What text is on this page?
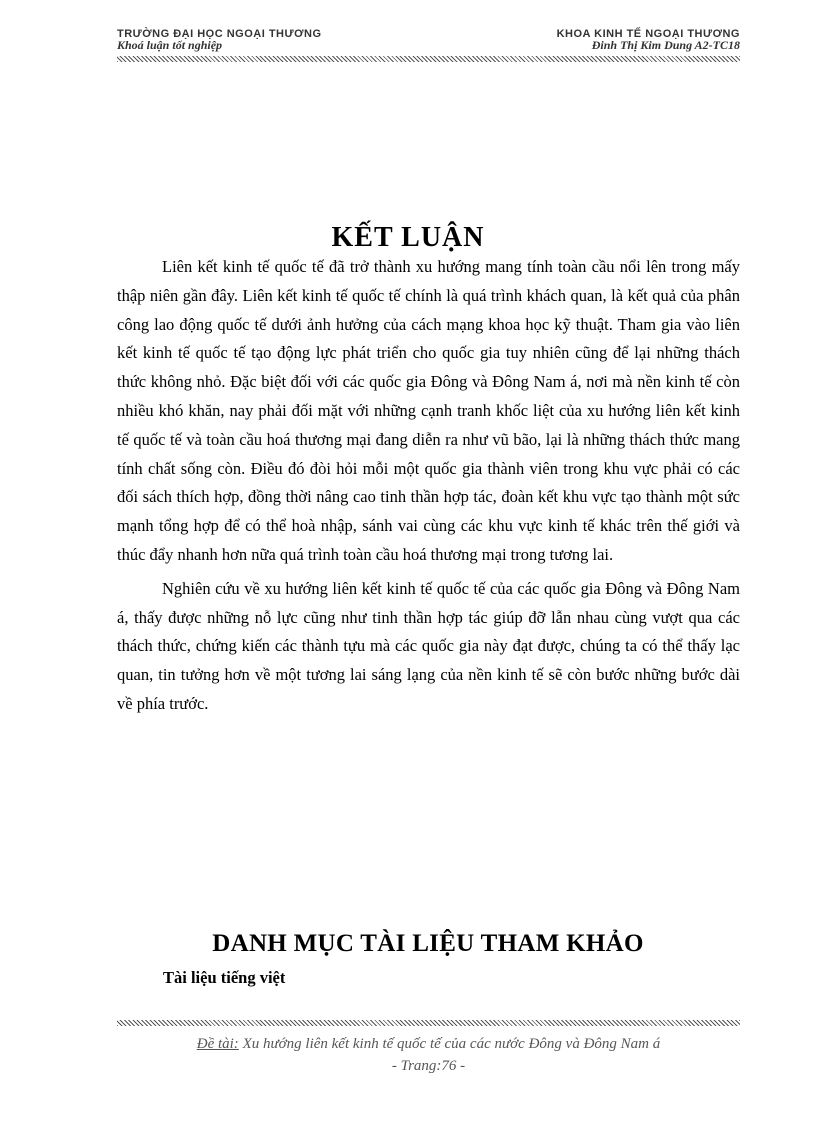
TRƯỜNG ĐẠI HỌC NGOẠI THƯƠNG	KHOA KINH TẾ NGOẠI THƯƠNG
Khoá luận tốt nghiệp	Đinh Thị Kim Dung A2-TC18
KẾT LUẬN

Liên kết kinh tế quốc tế đã trở thành xu hướng mang tính toàn cầu nổi lên trong mấy thập niên gần đây. Liên kết kinh tế quốc tế chính là quá trình khách quan, là kết quả của phân công lao động quốc tế dưới ảnh hưởng của cách mạng khoa học kỹ thuật. Tham gia vào liên kết kinh tế quốc tế tạo động lực phát triển cho quốc gia tuy nhiên cũng để lại những thách thức không nhỏ. Đặc biệt đối với các quốc gia Đông và Đông Nam á, nơi mà nền kinh tế còn nhiều khó khăn, nay phải đối mặt với những cạnh tranh khốc liệt của xu hướng liên kết kinh tế quốc tế và toàn cầu hoá thương mại đang diễn ra như vũ bão, lại là những thách thức mang tính chất sống còn. Điều đó đòi hỏi mỗi một quốc gia thành viên trong khu vực phải có các đối sách thích hợp, đồng thời nâng cao tinh thần hợp tác, đoàn kết khu vực tạo thành một sức mạnh tổng hợp để có thể hoà nhập, sánh vai cùng các khu vực kinh tế khác trên thế giới và thúc đẩy nhanh hơn nữa quá trình toàn cầu hoá thương mại trong tương lai.

Nghiên cứu về xu hướng liên kết kinh tế quốc tế của các quốc gia Đông và Đông Nam á, thấy được những nỗ lực cũng như tinh thần hợp tác giúp đỡ lẫn nhau cùng vượt qua các thách thức, chứng kiến các thành tựu mà các quốc gia này đạt được, chúng ta có thể thấy lạc quan, tin tưởng hơn về một tương lai sáng lạng của nền kinh tế sẽ còn bước những bước dài về phía trước.

DANH MỤC TÀI LIỆU THAM KHẢO
Tài liệu tiếng việt
Đề tài: Xu hướng liên kết kinh tế quốc tế của các nước Đông và Đông Nam á
- Trang:76 -
